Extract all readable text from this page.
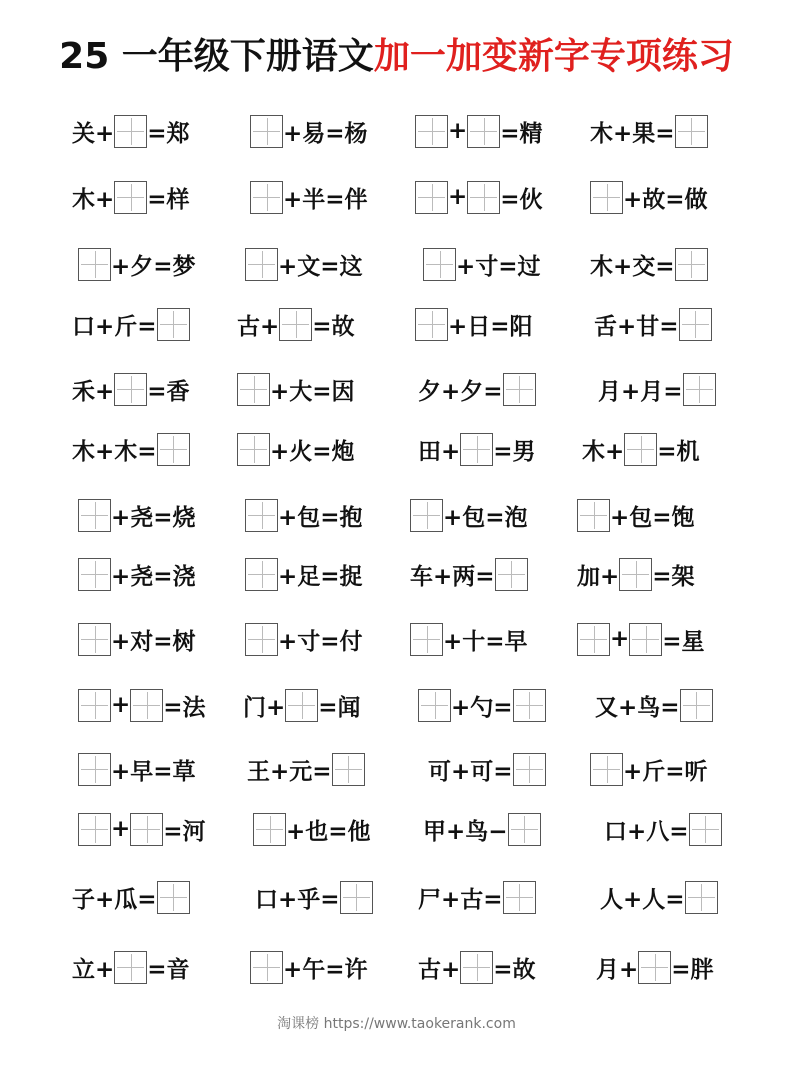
25 一年级下册语文加一加变新字专项练习
关+ =郑	+易=杨	+ =精 木+果=
木+ =样	+半=伴	+ =伙	+故=做
+夕=梦	+文=这	+寸=过 木+交=
口+斤=	古+ =故	+日=阳	舌+甘=
禾+ =香	+大=因	夕+夕=	月+月=
木+木=	+火=炮	田+ =男 木+ =机
+尧=烧	+包=抱	+包=泡	+包=饱
+尧=浇	+足=捉 车+两=	加+ =架
+对=树	+寸=付	+十=早	+ =星
+ =法 门+ =闻	+勺=	又+鸟=
+早=草 王+元=	可+可=	+斤=听
+ =河	+也=他 甲+鸟−	口+八=
子+瓜=	口+乎=	尸+古=	人+人=
立+ =音	+午=许 古+ =故	月+ =胖
淘课榜 https://www.taokerank.com
